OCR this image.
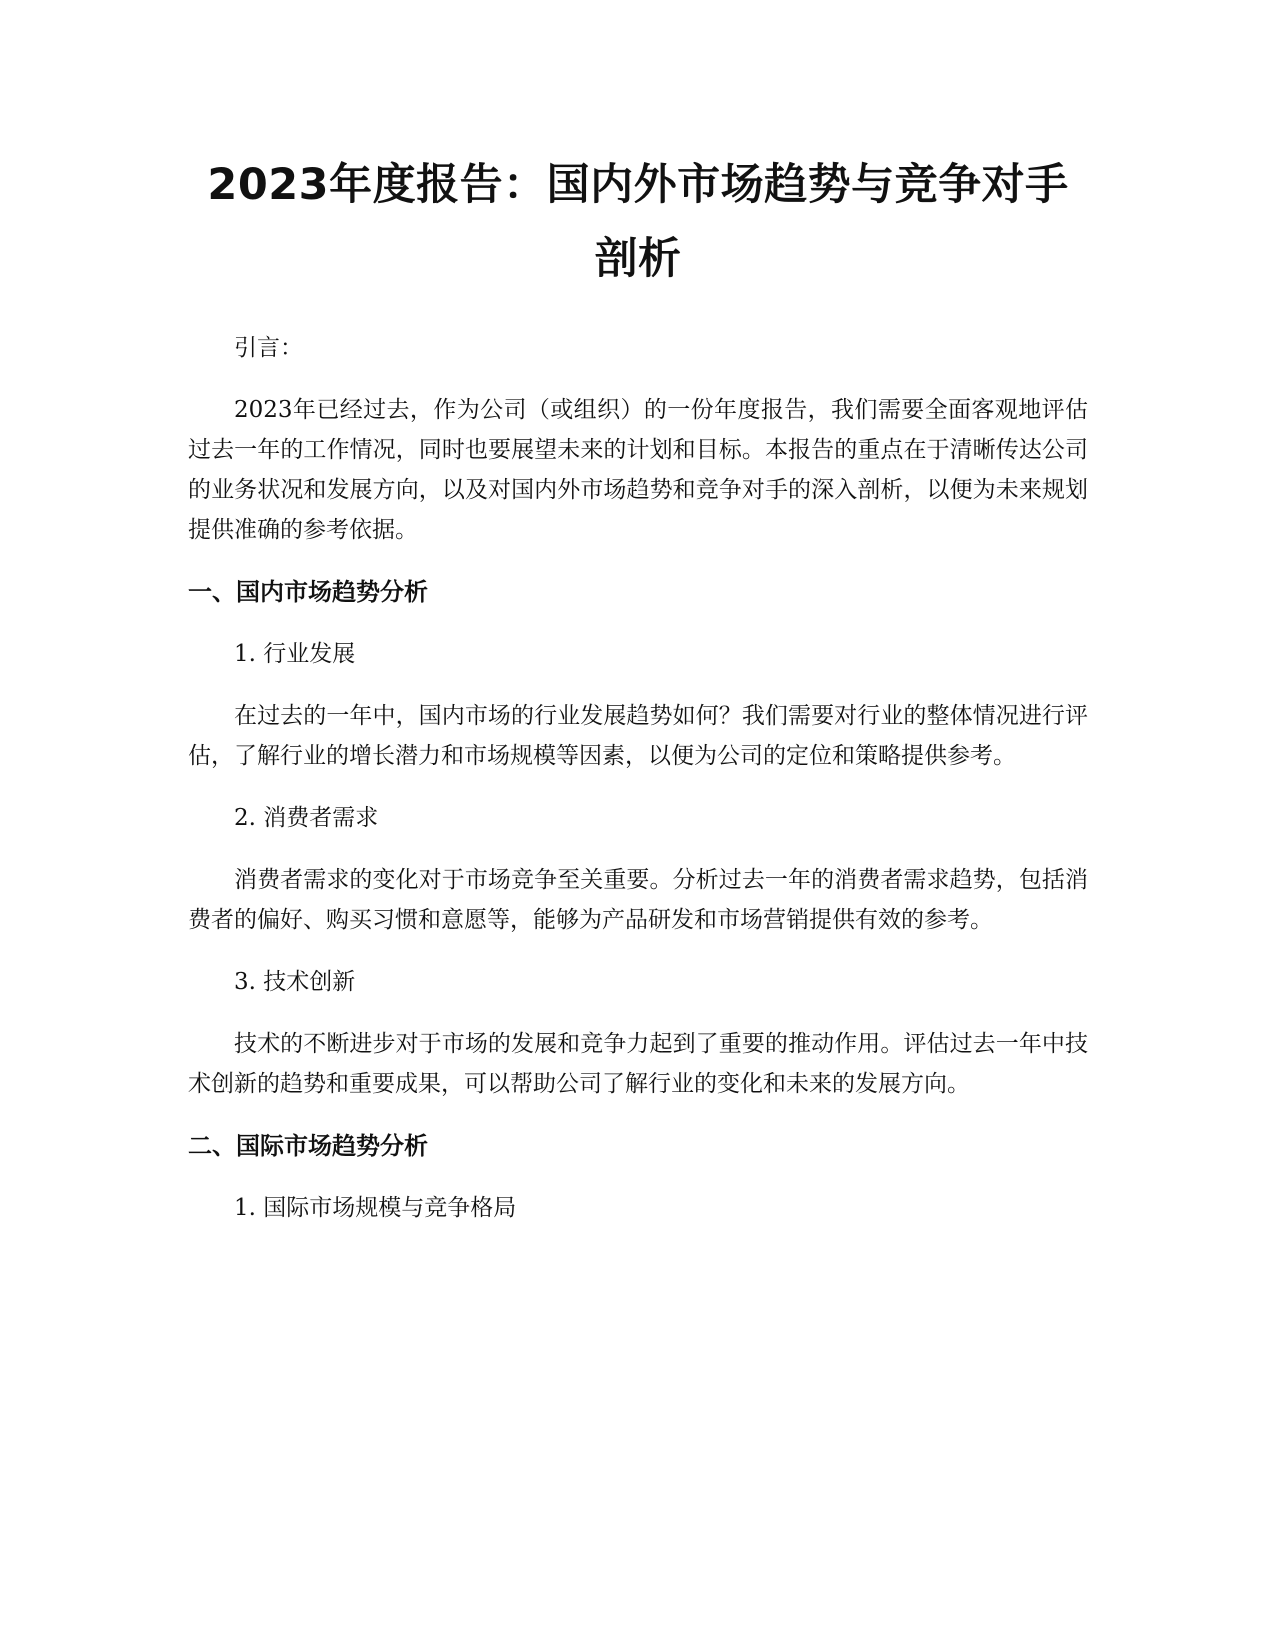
2023年度报告：国内外市场趋势与竞争对手剖析

引言：

2023年已经过去，作为公司（或组织）的一份年度报告，我们需要全面客观地评估过去一年的工作情况，同时也要展望未来的计划和目标。本报告的重点在于清晰传达公司的业务状况和发展方向，以及对国内外市场趋势和竞争对手的深入剖析，以便为未来规划提供准确的参考依据。

一、国内市场趋势分析

1. 行业发展

在过去的一年中，国内市场的行业发展趋势如何？我们需要对行业的整体情况进行评估，了解行业的增长潜力和市场规模等因素，以便为公司的定位和策略提供参考。

2. 消费者需求

消费者需求的变化对于市场竞争至关重要。分析过去一年的消费者需求趋势，包括消费者的偏好、购买习惯和意愿等，能够为产品研发和市场营销提供有效的参考。

3. 技术创新

技术的不断进步对于市场的发展和竞争力起到了重要的推动作用。评估过去一年中技术创新的趋势和重要成果，可以帮助公司了解行业的变化和未来的发展方向。

二、国际市场趋势分析

1. 国际市场规模与竞争格局
